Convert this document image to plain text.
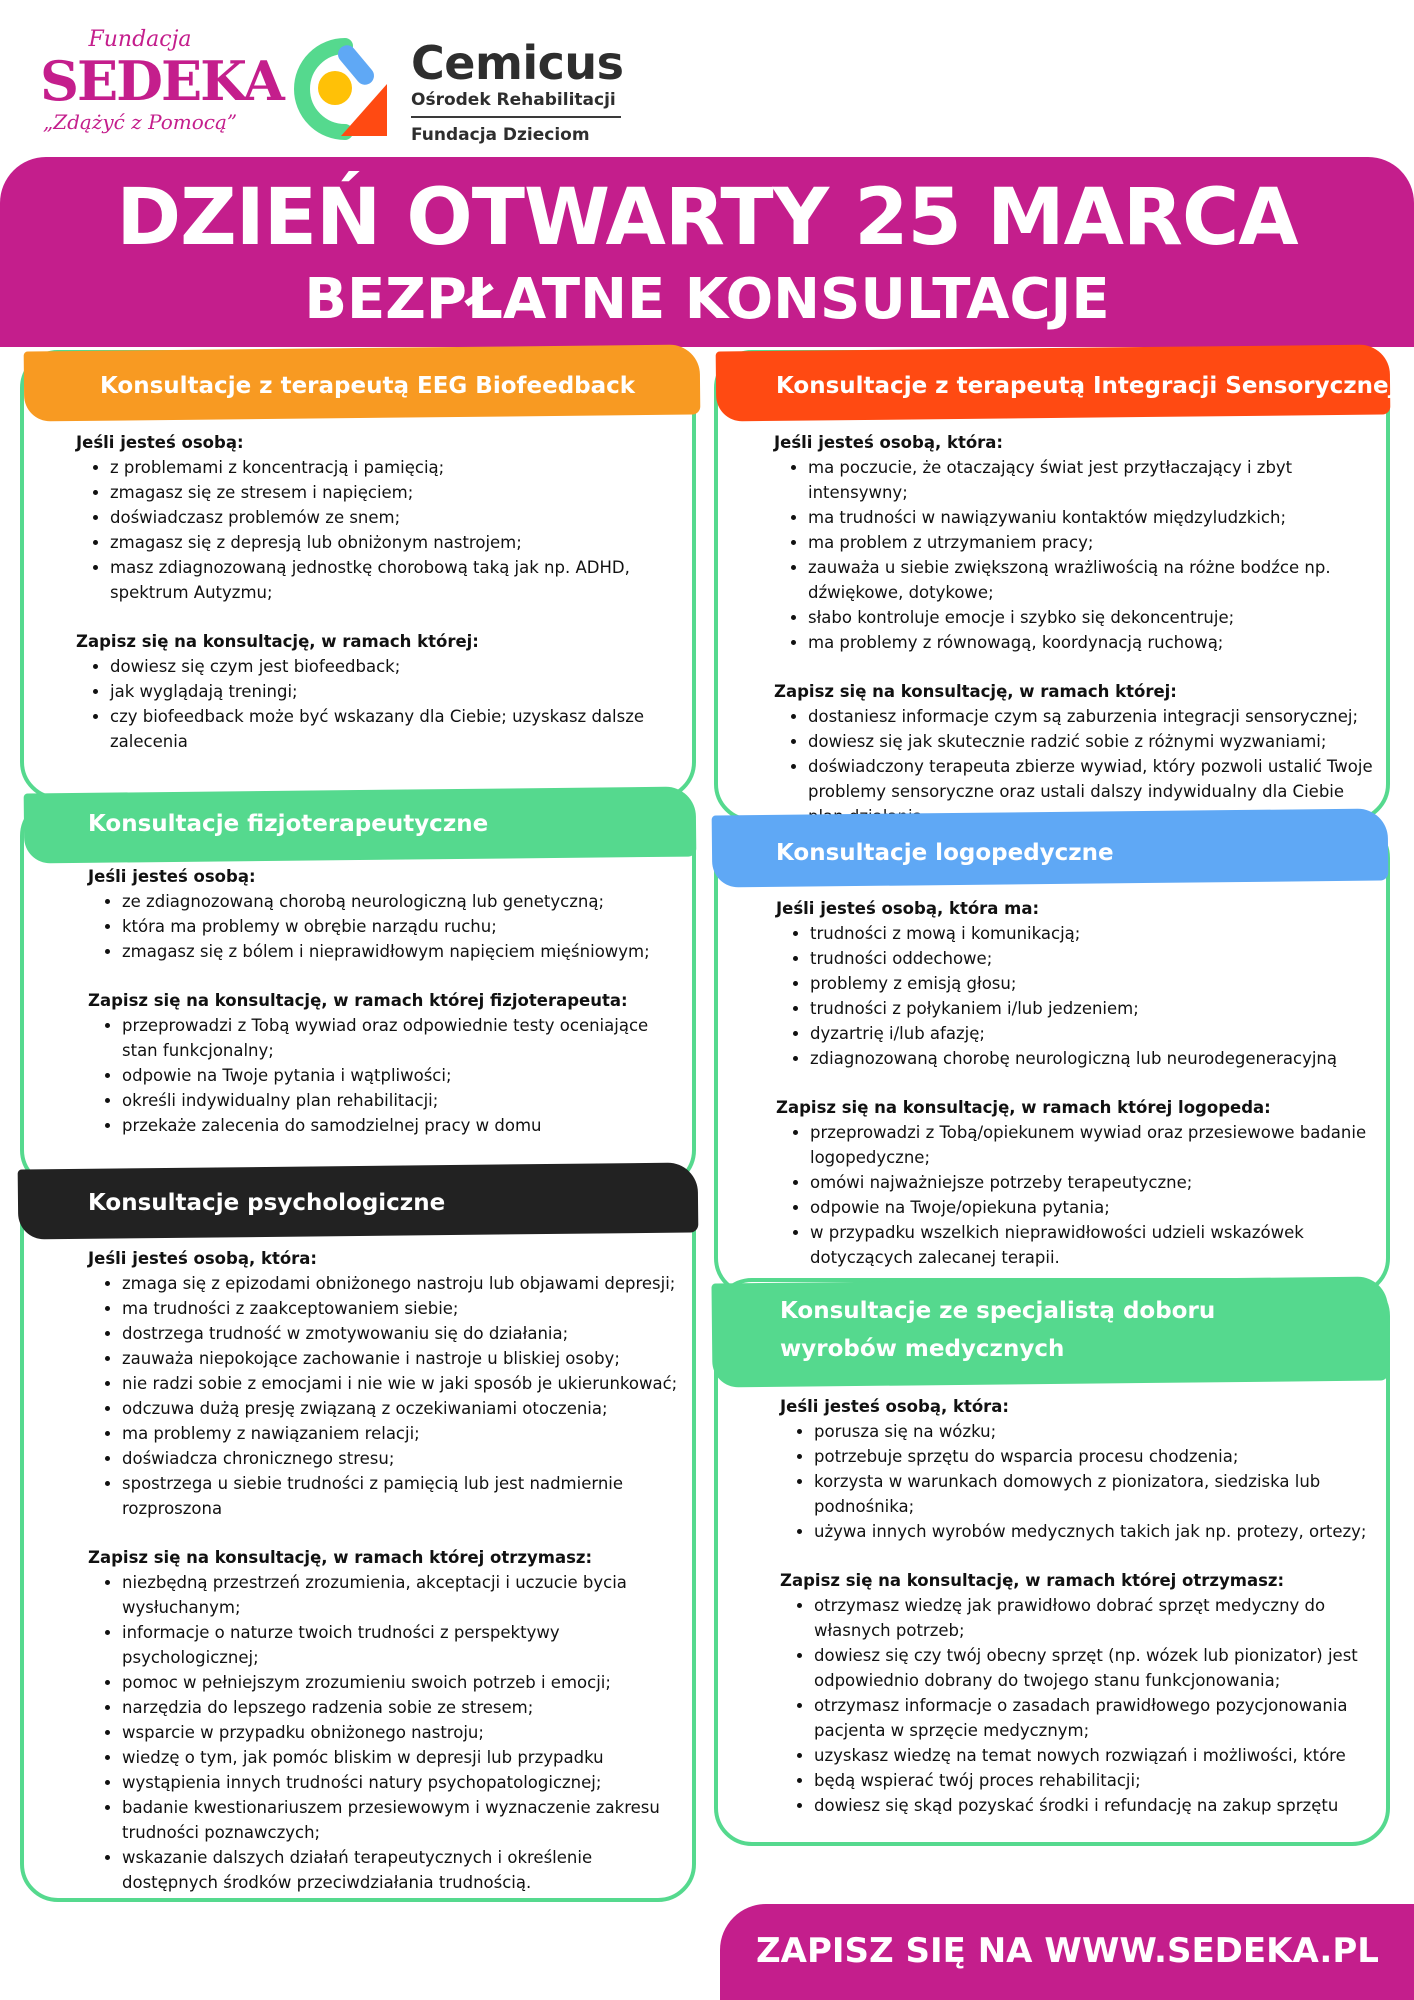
Fundacja
SEDEKA
„Zdążyć z Pomocą”
Cemicus
Ośrodek Rehabilitacji
Fundacja Dzieciom
DZIEŃ OTWARTY 25 MARCA
BEZPŁATNE KONSULTACJE
Konsultacje z terapeutą EEG Biofeedback

Jeśli jesteś osobą:

• z problemami z koncentracją i pamięcią;
• zmagasz się ze stresem i napięciem;
• doświadczasz problemów ze snem;
• zmagasz się z depresją lub obniżonym nastrojem;
• masz zdiagnozowaną jednostkę chorobową taką jak np. ADHD, spektrum Autyzmu;

Zapisz się na konsultację, w ramach której:

• dowiesz się czym jest biofeedback;
• jak wyglądają treningi;
• czy biofeedback może być wskazany dla Ciebie; uzyskasz dalsze zalecenia
Konsultacje z terapeutą Integracji Sensorycznej

Jeśli jesteś osobą, która:

• ma poczucie, że otaczający świat jest przytłaczający i zbyt intensywny;
• ma trudności w nawiązywaniu kontaktów międzyludzkich;
• ma problem z utrzymaniem pracy;
• zauważa u siebie zwiększoną wrażliwością na różne bodźce np. dźwiękowe, dotykowe;
• słabo kontroluje emocje i szybko się dekoncentruje;
• ma problemy z równowagą, koordynacją ruchową;

Zapisz się na konsultację, w ramach której:

• dostaniesz informacje czym są zaburzenia integracji sensorycznej;
• dowiesz się jak skutecznie radzić sobie z różnymi wyzwaniami;
• doświadczony terapeuta zbierze wywiad, który pozwoli ustalić Twoje problemy sensoryczne oraz ustali dalszy indywidualny dla Ciebie
Konsultacje fizjoterapeutyczne

Jeśli jesteś osobą:

• ze zdiagnozowaną chorobą neurologiczną lub genetyczną;
• która ma problemy w obrębie narządu ruchu;
• zmagasz się z bólem i nieprawidłowym napięciem mięśniowym;

Zapisz się na konsultację, w ramach której fizjoterapeuta:

• przeprowadzi z Tobą wywiad oraz odpowiednie testy oceniające stan funkcjonalny;
• odpowie na Twoje pytania i wątpliwości;
• określi indywidualny plan rehabilitacji;
• przekaże zalecenia do samodzielnej pracy w domu
Konsultacje logopedyczne

Jeśli jesteś osobą, która ma:

• trudności z mową i komunikacją;
• trudności oddechowe;
• problemy z emisją głosu;
• trudności z połykaniem i/lub jedzeniem;
• dyzartrię i/lub afazję;
• zdiagnozowaną chorobę neurologiczną lub neurodegeneracyjną

Zapisz się na konsultację, w ramach której logopeda:

• przeprowadzi z Tobą/opiekunem wywiad oraz przesiewowe badanie logopedyczne;
• omówi najważniejsze potrzeby terapeutyczne;
• odpowie na Twoje/opiekuna pytania;
• w przypadku wszelkich nieprawidłowości udzieli wskazówek dotyczących zalecanej terapii.
Konsultacje psychologiczne

Jeśli jesteś osobą, która:

• zmaga się z epizodami obniżonego nastroju lub objawami depresji;
• ma trudności z zaakceptowaniem siebie;
• dostrzega trudność w zmotywowaniu się do działania;
• zauważa niepokojące zachowanie i nastroje u bliskiej osoby;
• nie radzi sobie z emocjami i nie wie w jaki sposób je ukierunkować;
• odczuwa dużą presję związaną z oczekiwaniami otoczenia;
• ma problemy z nawiązaniem relacji;
• doświadcza chronicznego stresu;
• spostrzega u siebie trudności z pamięcią lub jest nadmiernie rozproszona

Zapisz się na konsultację, w ramach której otrzymasz:

• niezbędną przestrzeń zrozumienia, akceptacji i uczucie bycia wysłuchanym;
• informacje o naturze twoich trudności z perspektywy psychologicznej;
• pomoc w pełniejszym zrozumieniu swoich potrzeb i emocji;
• narzędzia do lepszego radzenia sobie ze stresem;
• wsparcie w przypadku obniżonego nastroju;
• wiedzę o tym, jak pomóc bliskim w depresji lub przypadku
• wystąpienia innych trudności natury psychopatologicznej;
• badanie kwestionariuszem przesiewowym i wyznaczenie zakresu trudności poznawczych;
• wskazanie dalszych działań terapeutycznych i określenie dostępnych środków przeciwdziałania trudnością.
Konsultacje ze specjalistą doboru
wyrobów medycznych

Jeśli jesteś osobą, która:

• porusza się na wózku;
• potrzebuje sprzętu do wsparcia procesu chodzenia;
• korzysta w warunkach domowych z pionizatora, siedziska lub podnośnika;
• używa innych wyrobów medycznych takich jak np. protezy, ortezy;

Zapisz się na konsultację, w ramach której otrzymasz:

• otrzymasz wiedzę jak prawidłowo dobrać sprzęt medyczny do własnych potrzeb;
• dowiesz się czy twój obecny sprzęt (np. wózek lub pionizator) jest odpowiednio dobrany do twojego stanu funkcjonowania;
• otrzymasz informacje o zasadach prawidłowego pozycjonowania pacjenta w sprzęcie medycznym;
• uzyskasz wiedzę na temat nowych rozwiązań i możliwości, które
• będą wspierać twój proces rehabilitacji;
• dowiesz się skąd pozyskać środki i refundację na zakup sprzętu
ZAPISZ SIĘ NA WWW.SEDEKA.PL
